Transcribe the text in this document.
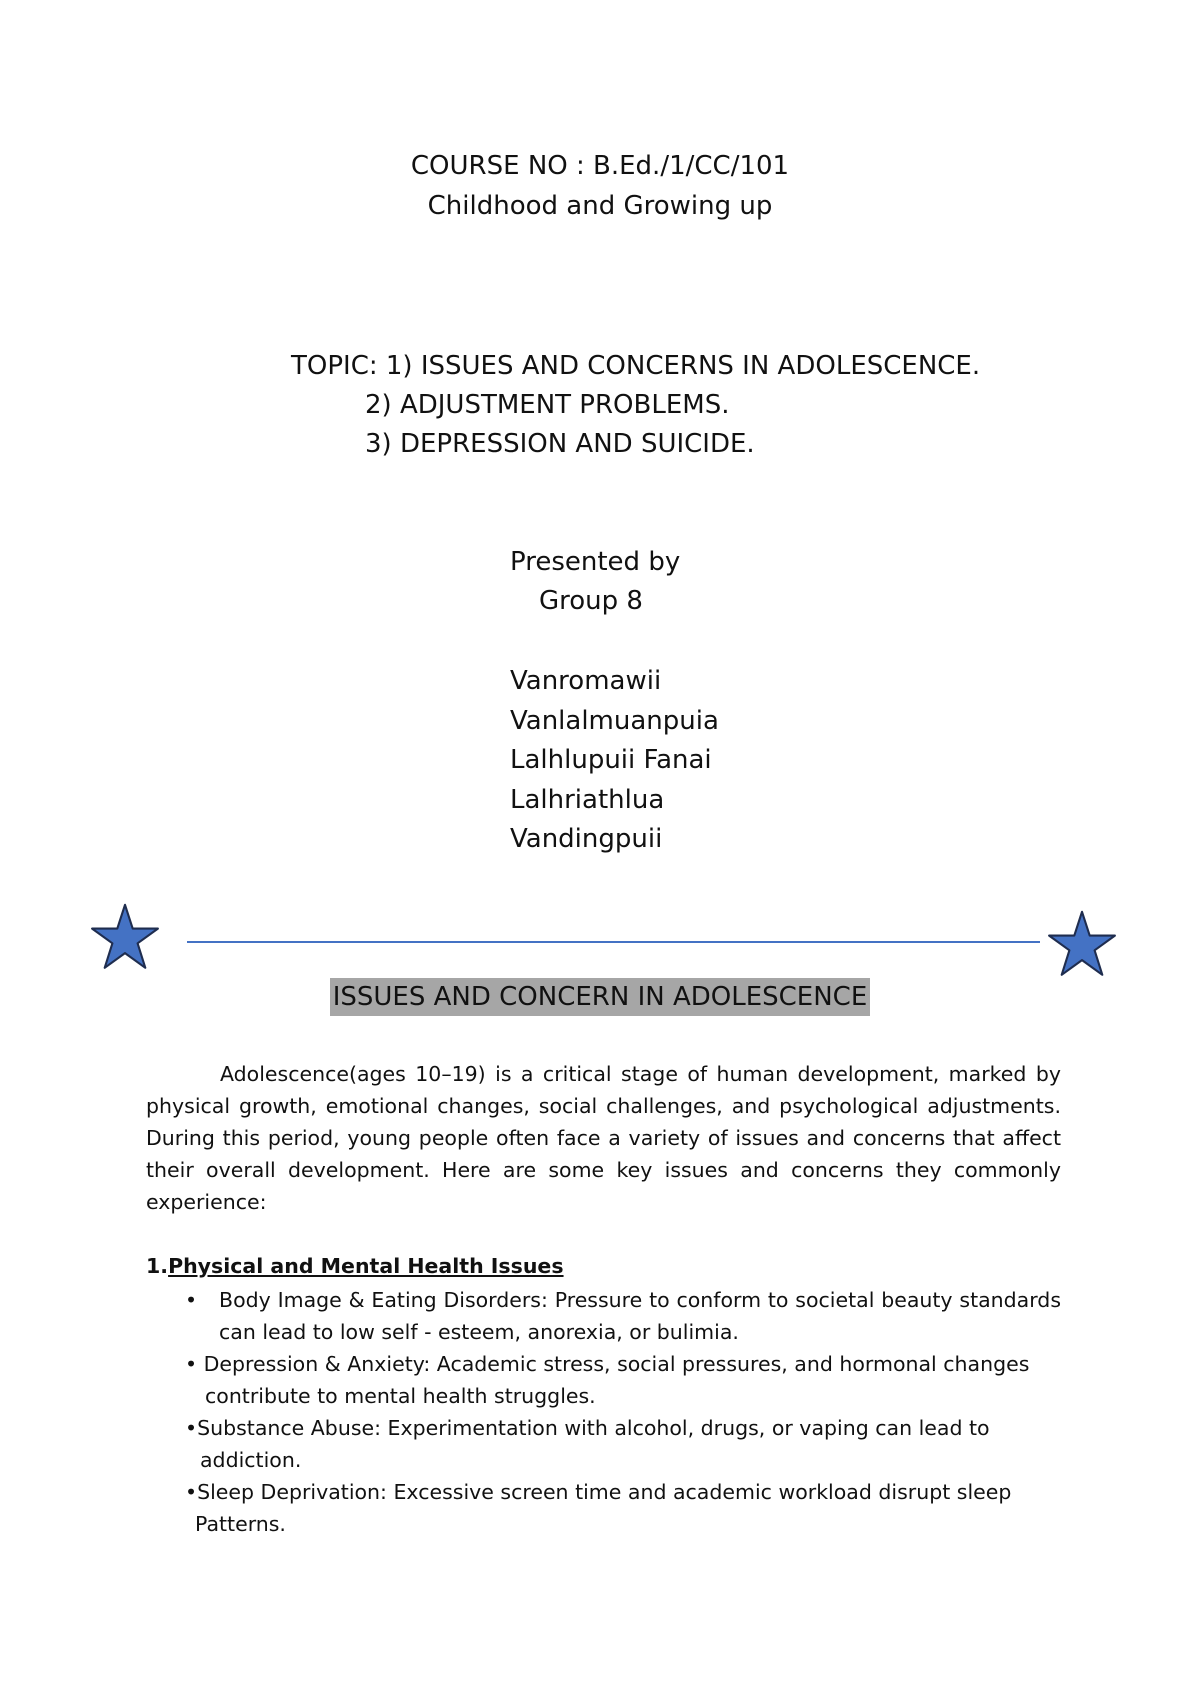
COURSE NO : B.Ed./1/CC/101
Childhood and Growing up
TOPIC: 1) ISSUES AND CONCERNS IN ADOLESCENCE.
2) ADJUSTMENT PROBLEMS.
3) DEPRESSION AND SUICIDE.
Presented by
Group 8
Vanromawii
Vanlalmuanpuia
Lalhlupuii Fanai
Lalhriathlua
Vandingpuii
ISSUES AND CONCERN IN ADOLESCENCE

Adolescence(ages 10–19) is a critical stage of human development, marked by physical growth, emotional changes, social challenges, and psychological adjustments. During this period, young people often face a variety of issues and concerns that affect their overall development. Here are some key issues and concerns they commonly experience:

1.Physical and Mental Health Issues
• Body Image & Eating Disorders: Pressure to conform to societal beauty standards can lead to low self - esteem, anorexia, or bulimia.
• Depression & Anxiety: Academic stress, social pressures, and hormonal changes contribute to mental health struggles.
•Substance Abuse: Experimentation with alcohol, drugs, or vaping can lead to addiction.
•Sleep Deprivation: Excessive screen time and academic workload disrupt sleep Patterns.
